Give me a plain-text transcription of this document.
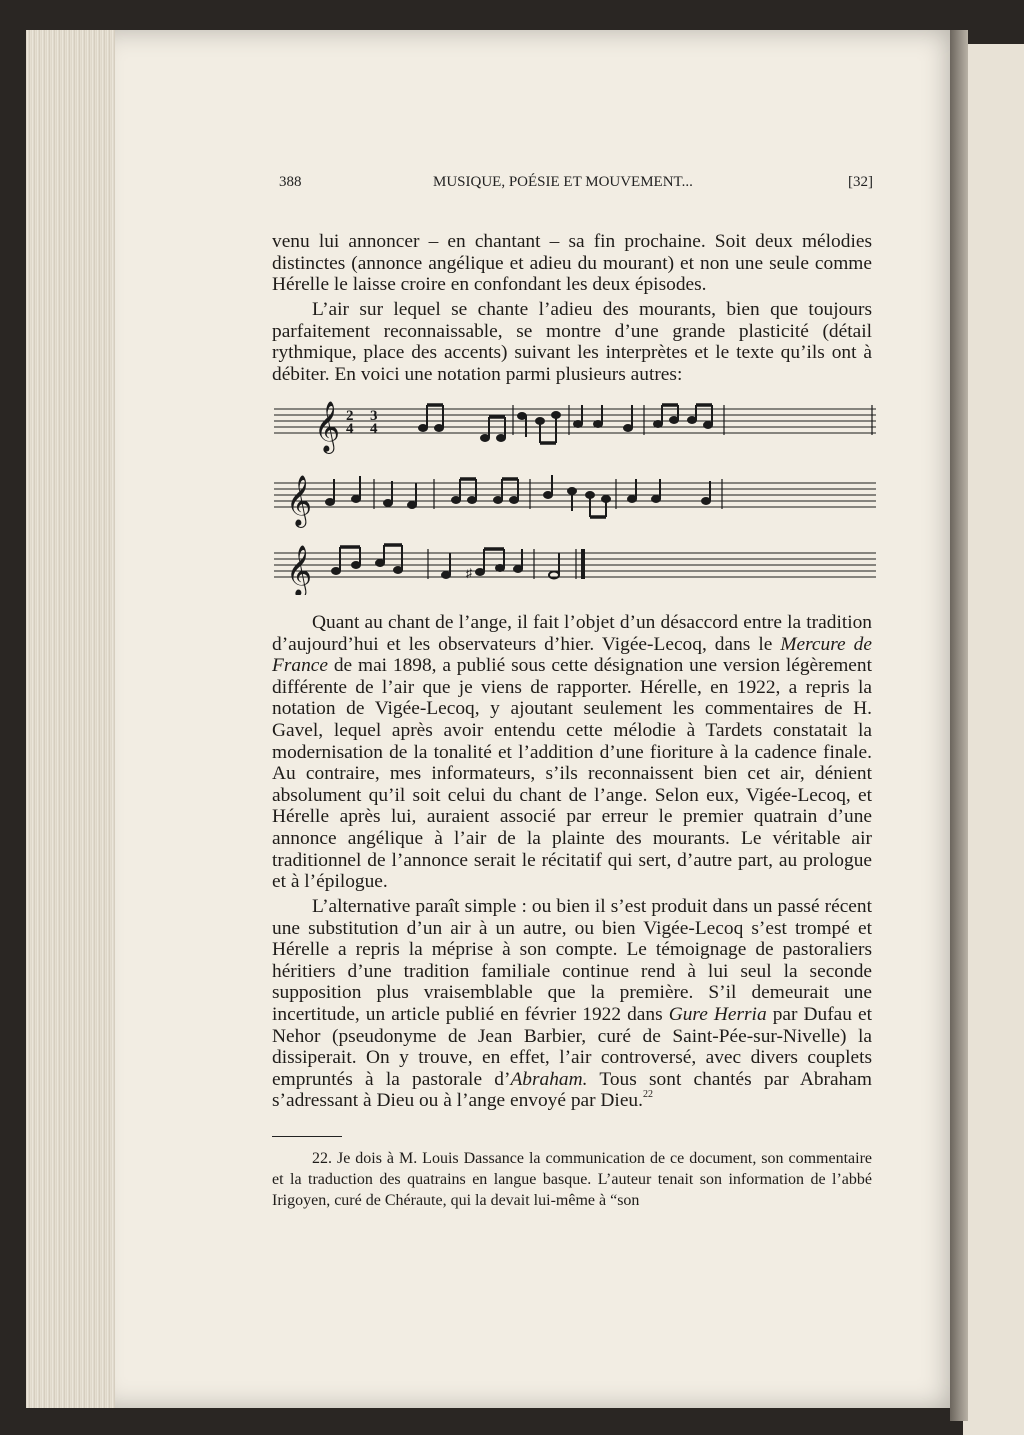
388	MUSIQUE, POÉSIE ET MOUVEMENT...	[32]

venu lui annoncer – en chantant – sa fin prochaine. Soit deux mélodies distinctes (annonce angélique et adieu du mourant) et non une seule comme Hérelle le laisse croire en confondant les deux épisodes.

L’air sur lequel se chante l’adieu des mourants, bien que toujours parfaitement reconnaissable, se montre d’une grande plasticité (détail rythmique, place des accents) suivant les interprètes et le texte qu’ils ont à débiter. En voici une notation parmi plusieurs autres:

𝄞
𝄞
𝄞
2
4
3
4
♯

Quant au chant de l’ange, il fait l’objet d’un désaccord entre la tradition d’aujourd’hui et les observateurs d’hier. Vigée-Lecoq, dans le Mercure de France de mai 1898, a publié sous cette désignation une version légèrement différente de l’air que je viens de rapporter. Hérelle, en 1922, a repris la notation de Vigée-Lecoq, y ajoutant seulement les commentaires de H. Gavel, lequel après avoir entendu cette mélodie à Tardets constatait la modernisation de la tonalité et l’addition d’une fioriture à la cadence finale. Au contraire, mes informateurs, s’ils reconnaissent bien cet air, dénient absolument qu’il soit celui du chant de l’ange. Selon eux, Vigée-Lecoq, et Hérelle après lui, auraient associé par erreur le premier quatrain d’une annonce angélique à l’air de la plainte des mourants. Le véritable air traditionnel de l’annonce serait le récitatif qui sert, d’autre part, au prologue et à l’épilogue.

L’alternative paraît simple : ou bien il s’est produit dans un passé récent une substitution d’un air à un autre, ou bien Vigée-Lecoq s’est trompé et Hérelle a repris la méprise à son compte. Le témoignage de pastoraliers héritiers d’une tradition familiale continue rend à lui seul la seconde supposition plus vraisemblable que la première. S’il demeurait une incertitude, un article publié en février 1922 dans Gure Herria par Dufau et Nehor (pseudonyme de Jean Barbier, curé de Saint-Pée-sur-Nivelle) la dissiperait. On y trouve, en effet, l’air controversé, avec divers couplets empruntés à la pastorale d’Abraham. Tous sont chantés par Abraham s’adressant à Dieu ou à l’ange envoyé par Dieu.$^{22}$

22. Je dois à M. Louis Dassance la communication de ce document, son commentaire et la traduction des quatrains en langue basque. L’auteur tenait son information de l’abbé Irigoyen, curé de Chéraute, qui la devait lui-même à “son
